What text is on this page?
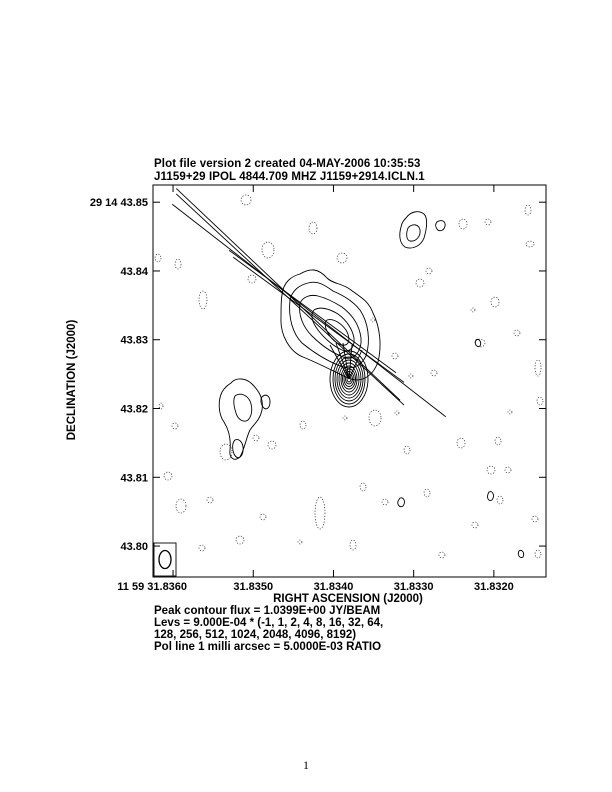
Plot file version 2 created 04-MAY-2006 10:35:53
J1159+29 IPOL 4844.709 MHZ J1159+2914.ICLN.1
11 59 31.8360	31.8350	31.8340	31.8330	31.8320
29 14 43.85
43.84
43.83
43.82
43.81
43.80
RIGHT ASCENSION (J2000)
DECLINATION (J2000)
Peak contour flux = 1.0399E+00 JY/BEAM
Levs = 9.000E-04 * (-1, 1, 2, 4, 8, 16, 32, 64,
128, 256, 512, 1024, 2048, 4096, 8192)
Pol line 1 milli arcsec = 5.0000E-03 RATIO
1
